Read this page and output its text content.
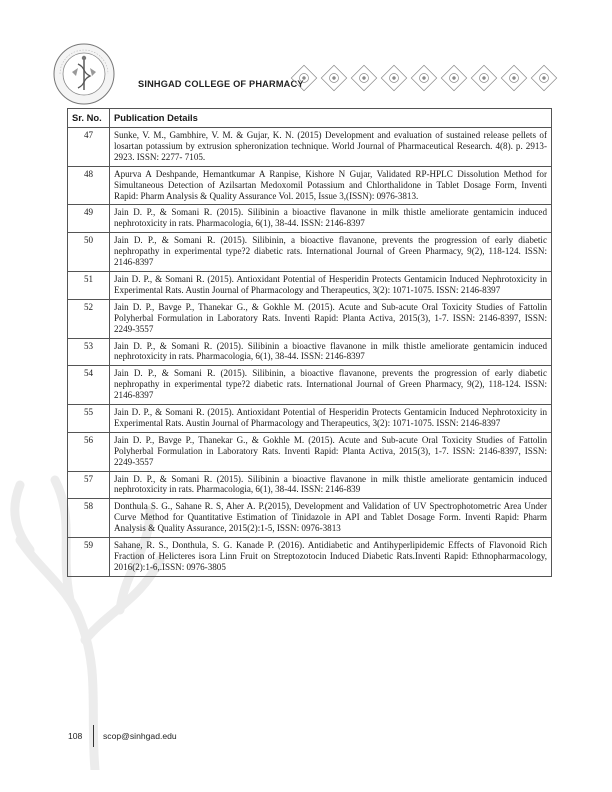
SINHGAD COLLEGE OF PHARMACY
Sr. No.	Publication Details
47	Sunke, V. M., Gambhire, V. M. & Gujar, K. N. (2015) Development and evaluation of sustained release pellets of losartan potassium by extrusion spheronization technique. World Journal of Pharmaceutical Research. 4(8). p. 2913-2923. ISSN: 2277- 7105.
48	Apurva A Deshpande, Hemantkumar A Ranpise, Kishore N Gujar, Validated RP-HPLC Dissolution Method for Simultaneous Detection of Azilsartan Medoxomil Potassium and Chlorthalidone in Tablet Dosage Form, Inventi Rapid: Pharm Analysis & Quality Assurance Vol. 2015, Issue 3,(ISSN): 0976-3813.
49	Jain D. P., & Somani R. (2015). Silibinin a bioactive flavanone in milk thistle ameliorate gentamicin induced nephrotoxicity in rats. Pharmacologia, 6(1), 38-44. ISSN: 2146-8397
50	Jain D. P., & Somani R. (2015). Silibinin, a bioactive flavanone, prevents the progression of early diabetic nephropathy in experimental type?2 diabetic rats. International Journal of Green Pharmacy, 9(2), 118-124. ISSN: 2146-8397
51	Jain D. P., & Somani R. (2015). Antioxidant Potential of Hesperidin Protects Gentamicin Induced Nephrotoxicity in Experimental Rats. Austin Journal of Pharmacology and Therapeutics, 3(2): 1071-1075. ISSN: 2146-8397
52	Jain D. P., Bavge P., Thanekar G., & Gokhle M. (2015). Acute and Sub-acute Oral Toxicity Studies of Fattolin Polyherbal Formulation in Laboratory Rats. Inventi Rapid: Planta Activa, 2015(3), 1-7. ISSN: 2146-8397, ISSN: 2249-3557
53	Jain D. P., & Somani R. (2015). Silibinin a bioactive flavanone in milk thistle ameliorate gentamicin induced nephrotoxicity in rats. Pharmacologia, 6(1), 38-44. ISSN: 2146-8397
54	Jain D. P., & Somani R. (2015). Silibinin, a bioactive flavanone, prevents the progression of early diabetic nephropathy in experimental type?2 diabetic rats. International Journal of Green Pharmacy, 9(2), 118-124. ISSN: 2146-8397
55	Jain D. P., & Somani R. (2015). Antioxidant Potential of Hesperidin Protects Gentamicin Induced Nephrotoxicity in Experimental Rats. Austin Journal of Pharmacology and Therapeutics, 3(2): 1071-1075. ISSN: 2146-8397
56	Jain D. P., Bavge P., Thanekar G., & Gokhle M. (2015). Acute and Sub-acute Oral Toxicity Studies of Fattolin Polyherbal Formulation in Laboratory Rats. Inventi Rapid: Planta Activa, 2015(3), 1-7. ISSN: 2146-8397, ISSN: 2249-3557
57	Jain D. P., & Somani R. (2015). Silibinin a bioactive flavanone in milk thistle ameliorate gentamicin induced nephrotoxicity in rats. Pharmacologia, 6(1), 38-44. ISSN: 2146-839
58	Donthula S. G., Sahane R. S, Aher A. P.(2015), Development and Validation of UV Spectrophotometric Area Under Curve Method for Quantitative Estimation of Tinidazole in API and Tablet Dosage Form. Inventi Rapid: Pharm Analysis & Quality Assurance, 2015(2):1-5, ISSN: 0976-3813
59	Sahane, R. S., Donthula, S. G. Kanade P. (2016). Antidiabetic and Antihyperlipidemic Effects of Flavonoid Rich Fraction of Helicteres isora Linn Fruit on Streptozotocin Induced Diabetic Rats.Inventi Rapid: Ethnopharmacology, 2016(2):1-6,.ISSN: 0976-3805
108 scop@sinhgad.edu
